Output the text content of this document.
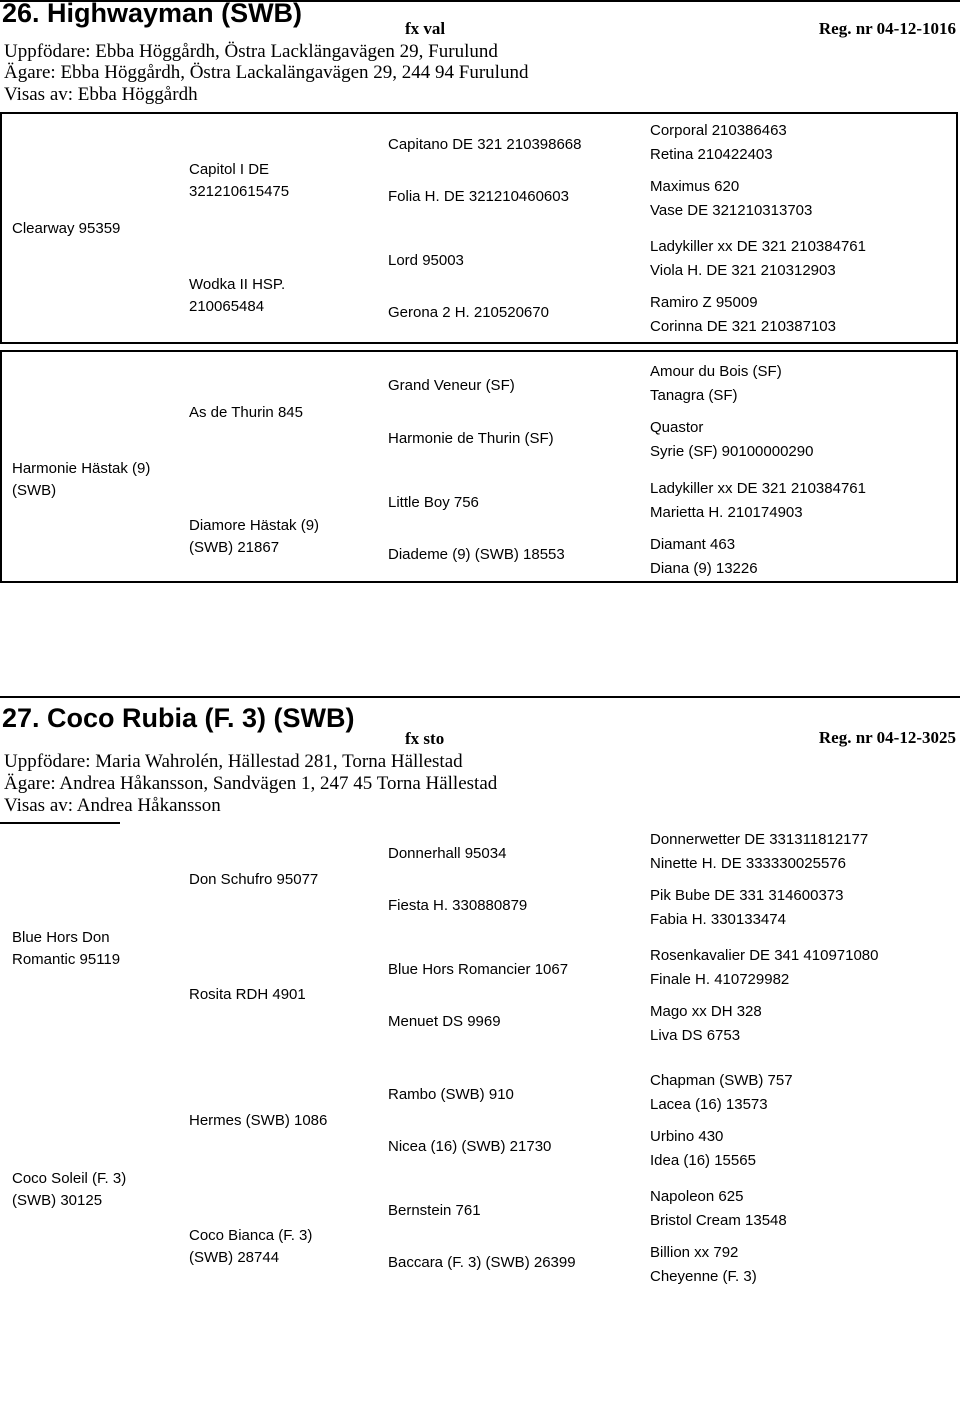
26. Highwayman (SWB)
fx val	Reg. nr 04-12-1016
Uppfödare: Ebba Höggårdh, Östra Lacklängavägen 29, Furulund
Ägare: Ebba Höggårdh, Östra Lackalängavägen 29, 244 94 Furulund
Visas av: Ebba Höggårdh
Clearway 95359
Capitol I DE 321210615475
Wodka II HSP. 210065484
Capitano DE 321 210398668
Folia H. DE 321210460603
Lord 95003
Gerona 2 H. 210520670
Corporal 210386463
Retina 210422403
Maximus 620
Vase DE 321210313703
Ladykiller xx DE 321 210384761
Viola H. DE 321 210312903
Ramiro Z 95009
Corinna DE 321 210387103
Harmonie Hästak (9) (SWB)
As de Thurin 845
Diamore Hästak (9) (SWB) 21867
Grand Veneur (SF)
Harmonie de Thurin (SF)
Little Boy 756
Diademe (9) (SWB) 18553
Amour du Bois (SF)
Tanagra (SF)
Quastor
Syrie (SF) 90100000290
Ladykiller xx DE 321 210384761
Marietta H. 210174903
Diamant 463
Diana (9) 13226
27. Coco Rubia (F. 3) (SWB)
fx sto	Reg. nr 04-12-3025
Uppfödare: Maria Wahrolén, Hällestad 281, Torna Hällestad
Ägare: Andrea Håkansson, Sandvägen 1, 247 45 Torna Hällestad
Visas av: Andrea Håkansson
Blue Hors Don Romantic 95119
Don Schufro 95077
Rosita RDH 4901
Donnerhall 95034
Fiesta H. 330880879
Blue Hors Romancier 1067
Menuet DS 9969
Donnerwetter DE 331311812177
Ninette H. DE 333330025576
Pik Bube DE 331 314600373
Fabia H. 330133474
Rosenkavalier DE 341 410971080
Finale H. 410729982
Mago xx DH 328
Liva DS 6753
Coco Soleil (F. 3) (SWB) 30125
Hermes (SWB) 1086
Coco Bianca (F. 3) (SWB) 28744
Rambo (SWB) 910
Nicea (16) (SWB) 21730
Bernstein 761
Baccara (F. 3) (SWB) 26399
Chapman (SWB) 757
Lacea (16) 13573
Urbino 430
Idea (16) 15565
Napoleon 625
Bristol Cream 13548
Billion xx 792
Cheyenne (F. 3)
